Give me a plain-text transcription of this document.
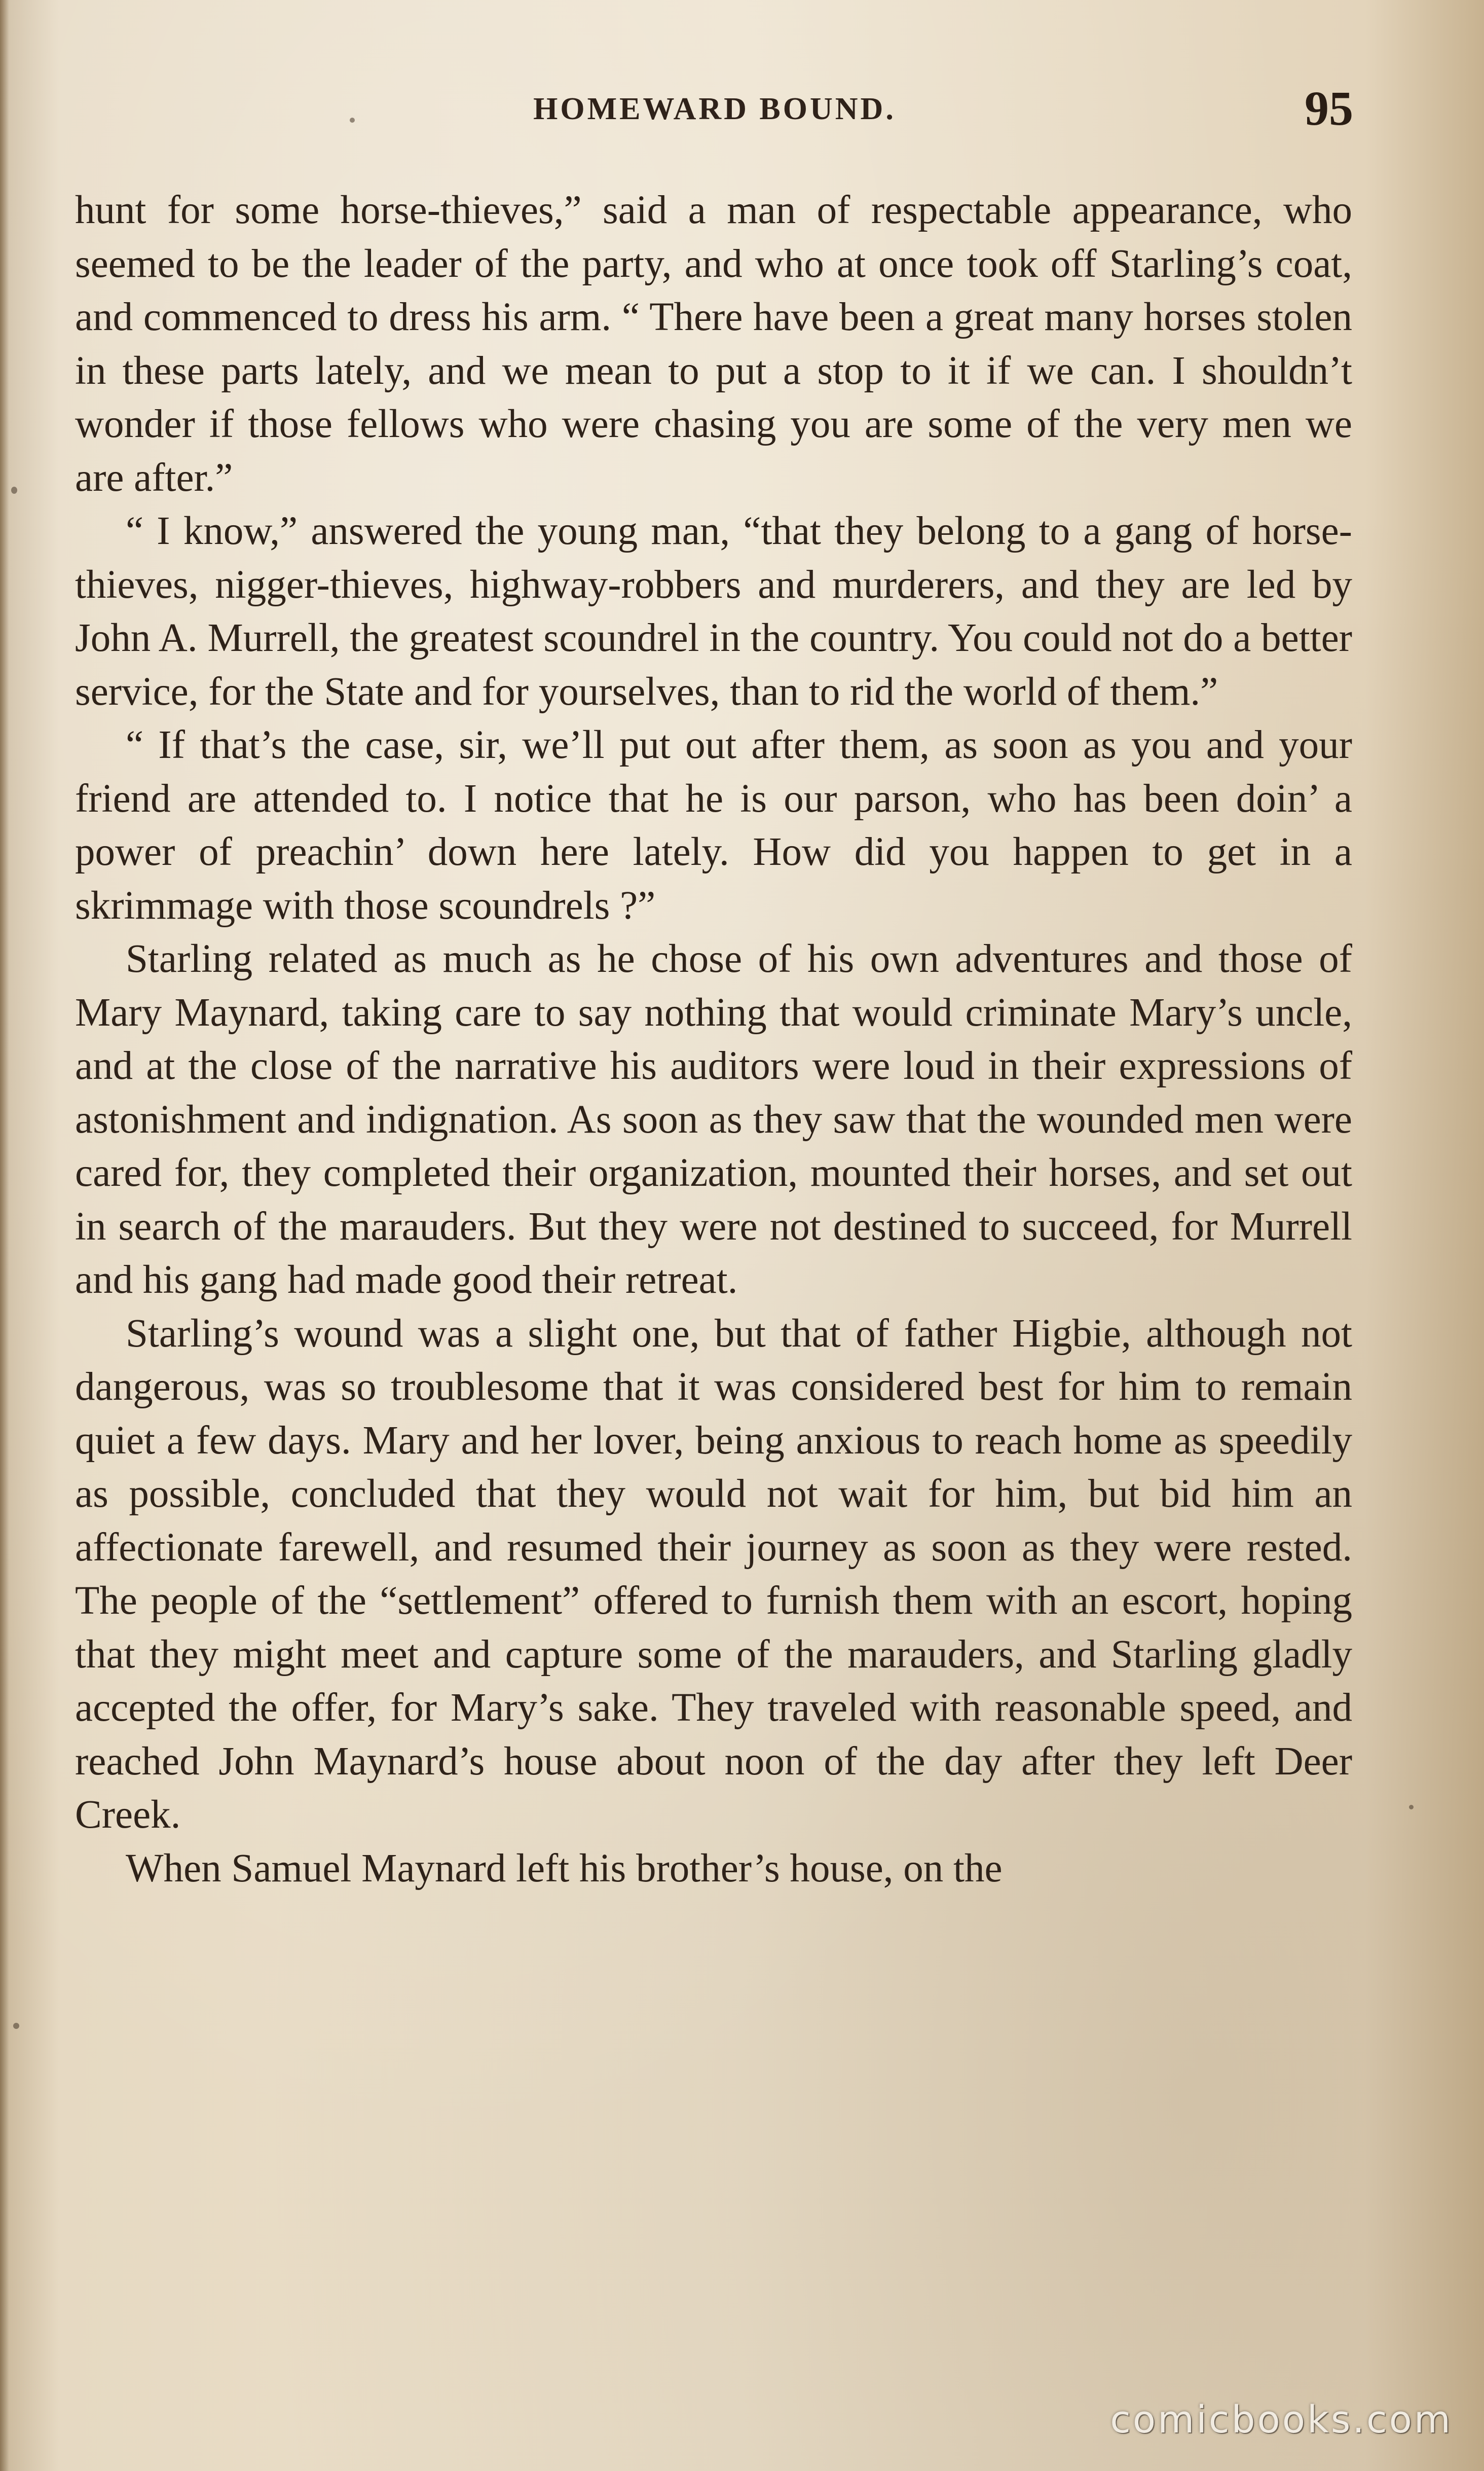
HOMEWARD BOUND.	95

hunt for some horse-thieves,” said a man of respectable appearance, who seemed to be the leader of the party, and who at once took off Starling’s coat, and commenced to dress his arm. “ There have been a great many horses stolen in these parts lately, and we mean to put a stop to it if we can. I shouldn’t wonder if those fellows who were chasing you are some of the very men we are after.”

“ I know,” answered the young man, “that they belong to a gang of horse-thieves, nigger-thieves, highway-robbers and murderers, and they are led by John A. Murrell, the greatest scoundrel in the country. You could not do a better service, for the State and for yourselves, than to rid the world of them.”

“ If that’s the case, sir, we’ll put out after them, as soon as you and your friend are attended to. I notice that he is our parson, who has been doin’ a power of preachin’ down here lately. How did you happen to get in a skrimmage with those scoundrels ?”

Starling related as much as he chose of his own adventures and those of Mary Maynard, taking care to say nothing that would criminate Mary’s uncle, and at the close of the narrative his auditors were loud in their expressions of astonishment and indignation. As soon as they saw that the wounded men were cared for, they completed their organization, mounted their horses, and set out in search of the marauders. But they were not destined to succeed, for Murrell and his gang had made good their retreat.

Starling’s wound was a slight one, but that of father Higbie, although not dangerous, was so troublesome that it was considered best for him to remain quiet a few days. Mary and her lover, being anxious to reach home as speedily as possible, concluded that they would not wait for him, but bid him an affectionate farewell, and resumed their journey as soon as they were rested. The people of the “settlement” offered to furnish them with an escort, hoping that they might meet and capture some of the marauders, and Starling gladly accepted the offer, for Mary’s sake. They traveled with reasonable speed, and reached John Maynard’s house about noon of the day after they left Deer Creek.

When Samuel Maynard left his brother’s house, on the

comicbooks.com
